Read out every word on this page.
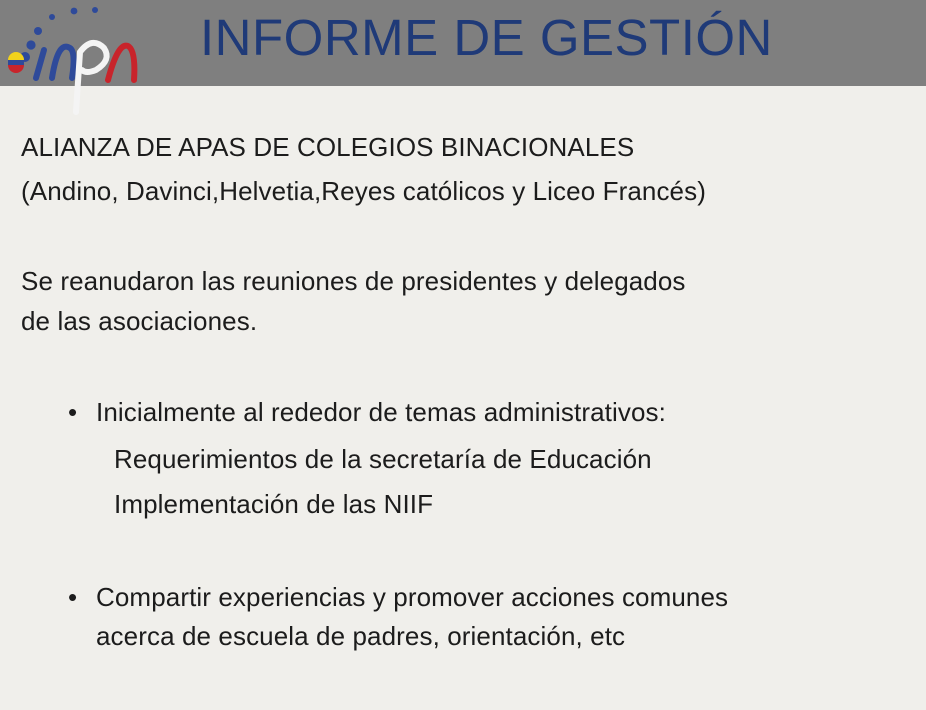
INFORME DE GESTIÓN
ALIANZA DE APAS DE COLEGIOS BINACIONALES
(Andino, Davinci,Helvetia,Reyes católicos y Liceo Francés)
Se reanudaron las reuniones de presidentes y delegados
de las asociaciones.
• Inicialmente al rededor de temas administrativos:
Requerimientos de la secretaría de Educación
Implementación de las NIIF
• Compartir experiencias y promover acciones comunes
acerca de escuela de padres, orientación, etc
